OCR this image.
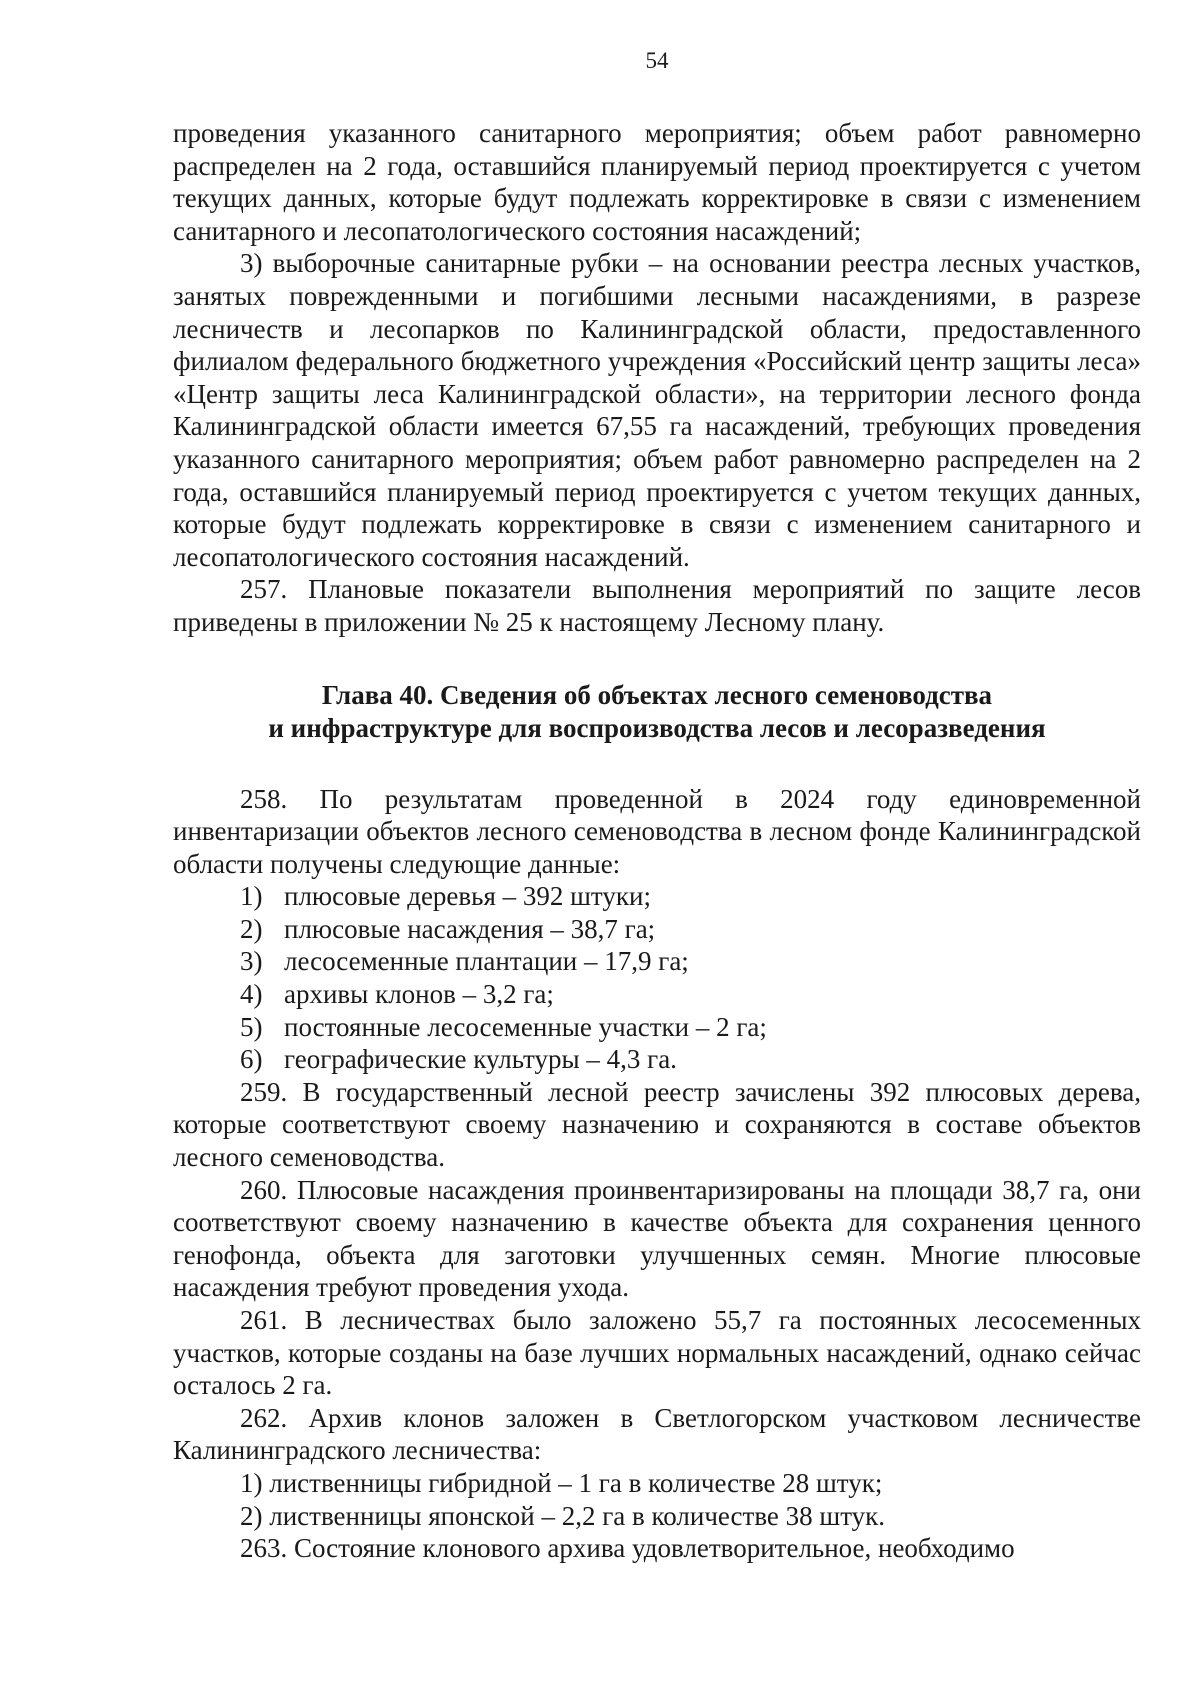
54

проведения указанного санитарного мероприятия; объем работ равномерно распределен на 2 года, оставшийся планируемый период проектируется с учетом текущих данных, которые будут подлежать корректировке в связи с изменением санитарного и лесопатологического состояния насаждений;

3) выборочные санитарные рубки – на основании реестра лесных участков, занятых поврежденными и погибшими лесными насаждениями, в разрезе лесничеств и лесопарков по Калининградской области, предоставленного филиалом федерального бюджетного учреждения «Российский центр защиты леса» «Центр защиты леса Калининградской области», на территории лесного фонда Калининградской области имеется 67,55 га насаждений, требующих проведения указанного санитарного мероприятия; объем работ равномерно распределен на 2 года, оставшийся планируемый период проектируется с учетом текущих данных, которые будут подлежать корректировке в связи с изменением санитарного и лесопатологического состояния насаждений.

257. Плановые показатели выполнения мероприятий по защите лесов приведены в приложении № 25 к настоящему Лесному плану.

Глава 40. Сведения об объектах лесного семеноводства
и инфраструктуре для воспроизводства лесов и лесоразведения

258. По результатам проведенной в 2024 году единовременной инвентаризации объектов лесного семеноводства в лесном фонде Калининградской области получены следующие данные:

1) плюсовые деревья – 392 штуки;

2) плюсовые насаждения – 38,7 га;

3) лесосеменные плантации – 17,9 га;

4) архивы клонов – 3,2 га;

5) постоянные лесосеменные участки – 2 га;

6) географические культуры – 4,3 га.

259. В государственный лесной реестр зачислены 392 плюсовых дерева, которые соответствуют своему назначению и сохраняются в составе объектов лесного семеноводства.

260. Плюсовые насаждения проинвентаризированы на площади 38,7 га, они соответствуют своему назначению в качестве объекта для сохранения ценного генофонда, объекта для заготовки улучшенных семян. Многие плюсовые насаждения требуют проведения ухода.

261. В лесничествах было заложено 55,7 га постоянных лесосеменных участков, которые созданы на базе лучших нормальных насаждений, однако сейчас осталось 2 га.

262. Архив клонов заложен в Светлогорском участковом лесничестве Калининградского лесничества:

1) лиственницы гибридной – 1 га в количестве 28 штук;

2) лиственницы японской – 2,2 га в количестве 38 штук.

263. Состояние клонового архива удовлетворительное, необходимо
